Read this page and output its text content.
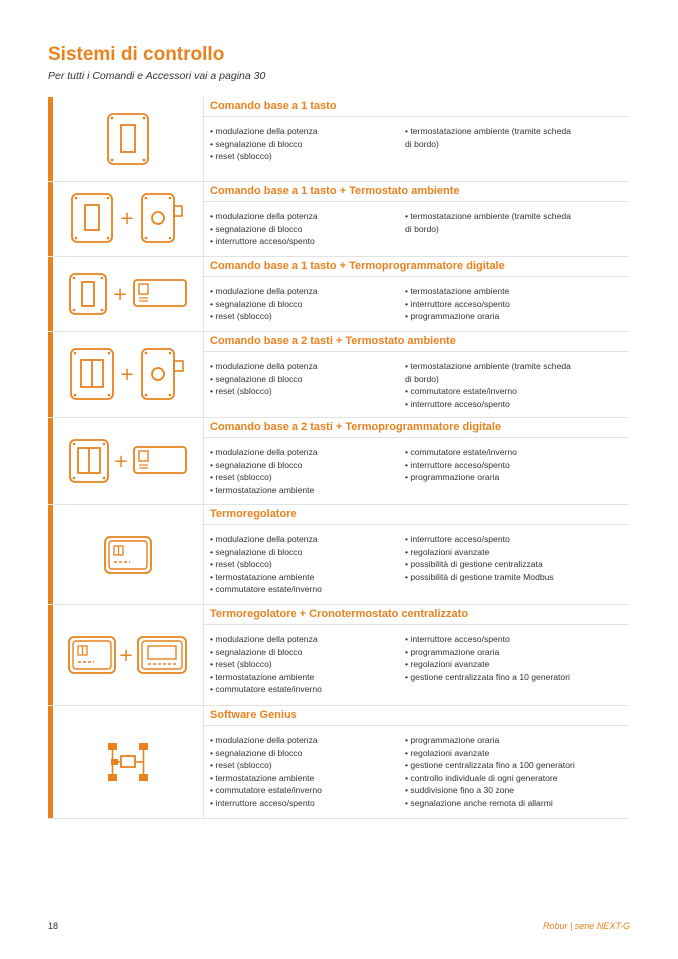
Sistemi di controllo
Per tutti i Comandi e Accessori vai a pagina 30
Comando base a 1 tasto
• modulazione della potenza
• segnalazione di blocco
• reset (sblocco)
• termostatazione ambiente (tramite scheda
di bordo)
+
Comando base a 1 tasto + Termostato ambiente
• modulazione della potenza
• segnalazione di blocco
• interruttore acceso/spento
• termostatazione ambiente (tramite scheda
di bordo)
+
Comando base a 1 tasto + Termoprogrammatore digitale
• modulazione della potenza
• segnalazione di blocco
• reset (sblocco)
• termostatazione ambiente
• interruttore acceso/spento
• programmazione oraria
+
Comando base a 2 tasti + Termostato ambiente
• modulazione della potenza
• segnalazione di blocco
• reset (sblocco)
• termostatazione ambiente (tramite scheda
di bordo)
• commutatore estate/inverno
• interruttore acceso/spento
+
Comando base a 2 tasti + Termoprogrammatore digitale
• modulazione della potenza
• segnalazione di blocco
• reset (sblocco)
• termostatazione ambiente
• commutatore estate/inverno
• interruttore acceso/spento
• programmazione oraria
Termoregolatore
• modulazione della potenza
• segnalazione di blocco
• reset (sblocco)
• termostatazione ambiente
• commutatore estate/inverno
• interruttore acceso/spento
• regolazioni avanzate
• possibilità di gestione centralizzata
• possibilità di gestione tramite Modbus
+
Termoregolatore + Cronotermostato centralizzato
• modulazione della potenza
• segnalazione di blocco
• reset (sblocco)
• termostatazione ambiente
• commutatore estate/inverno
• interruttore acceso/spento
• programmazione oraria
• regolazioni avanzate
• gestione centralizzata fino a 10 generatori
Software Genius
• modulazione della potenza
• segnalazione di blocco
• reset (sblocco)
• termostatazione ambiente
• commutatore estate/inverno
• interruttore acceso/spento
• programmazione oraria
• regolazioni avanzate
• gestione centralizzata fino a 100 generatori
• controllo individuale di ogni generatore
• suddivisione fino a 30 zone
• segnalazione anche remota di allarmi
18	Robur | serie NEXT-G
